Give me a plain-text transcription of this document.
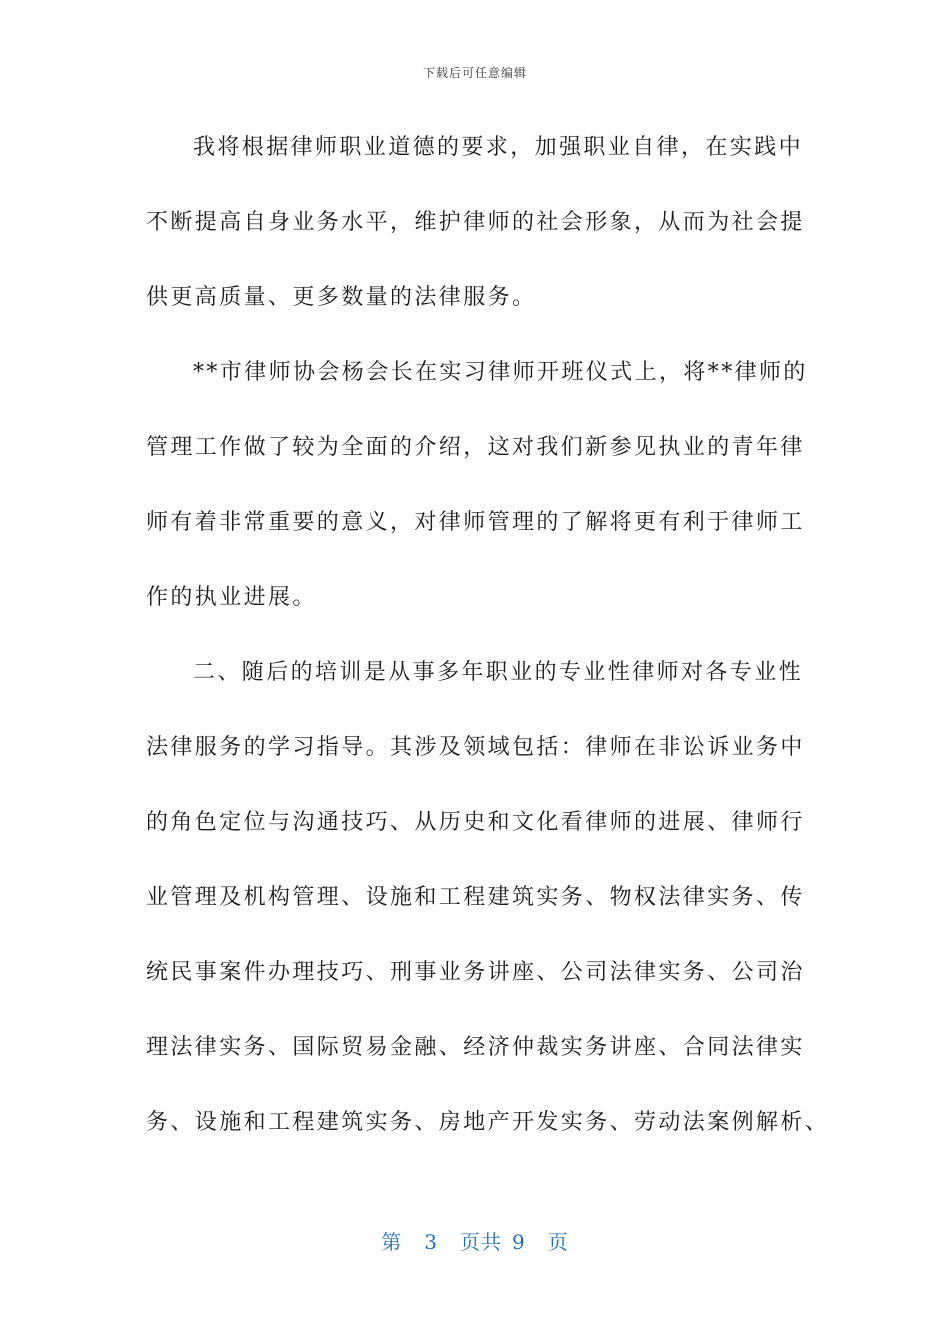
下载后可任意编辑
我将根据律师职业道德的要求，加强职业自律，在实践中
不断提高自身业务水平，维护律师的社会形象，从而为社会提
供更高质量、更多数量的法律服务。
**市律师协会杨会长在实习律师开班仪式上，将**律师的
管理工作做了较为全面的介绍，这对我们新参见执业的青年律
师有着非常重要的意义，对律师管理的了解将更有利于律师工
作的执业进展。
二、随后的培训是从事多年职业的专业性律师对各专业性
法律服务的学习指导。其涉及领域包括：律师在非讼诉业务中
的角色定位与沟通技巧、从历史和文化看律师的进展、律师行
业管理及机构管理、设施和工程建筑实务、物权法律实务、传
统民事案件办理技巧、刑事业务讲座、公司法律实务、公司治
理法律实务、国际贸易金融、经济仲裁实务讲座、合同法律实
务、设施和工程建筑实务、房地产开发实务、劳动法案例解析、
第 3 页共 9 页
